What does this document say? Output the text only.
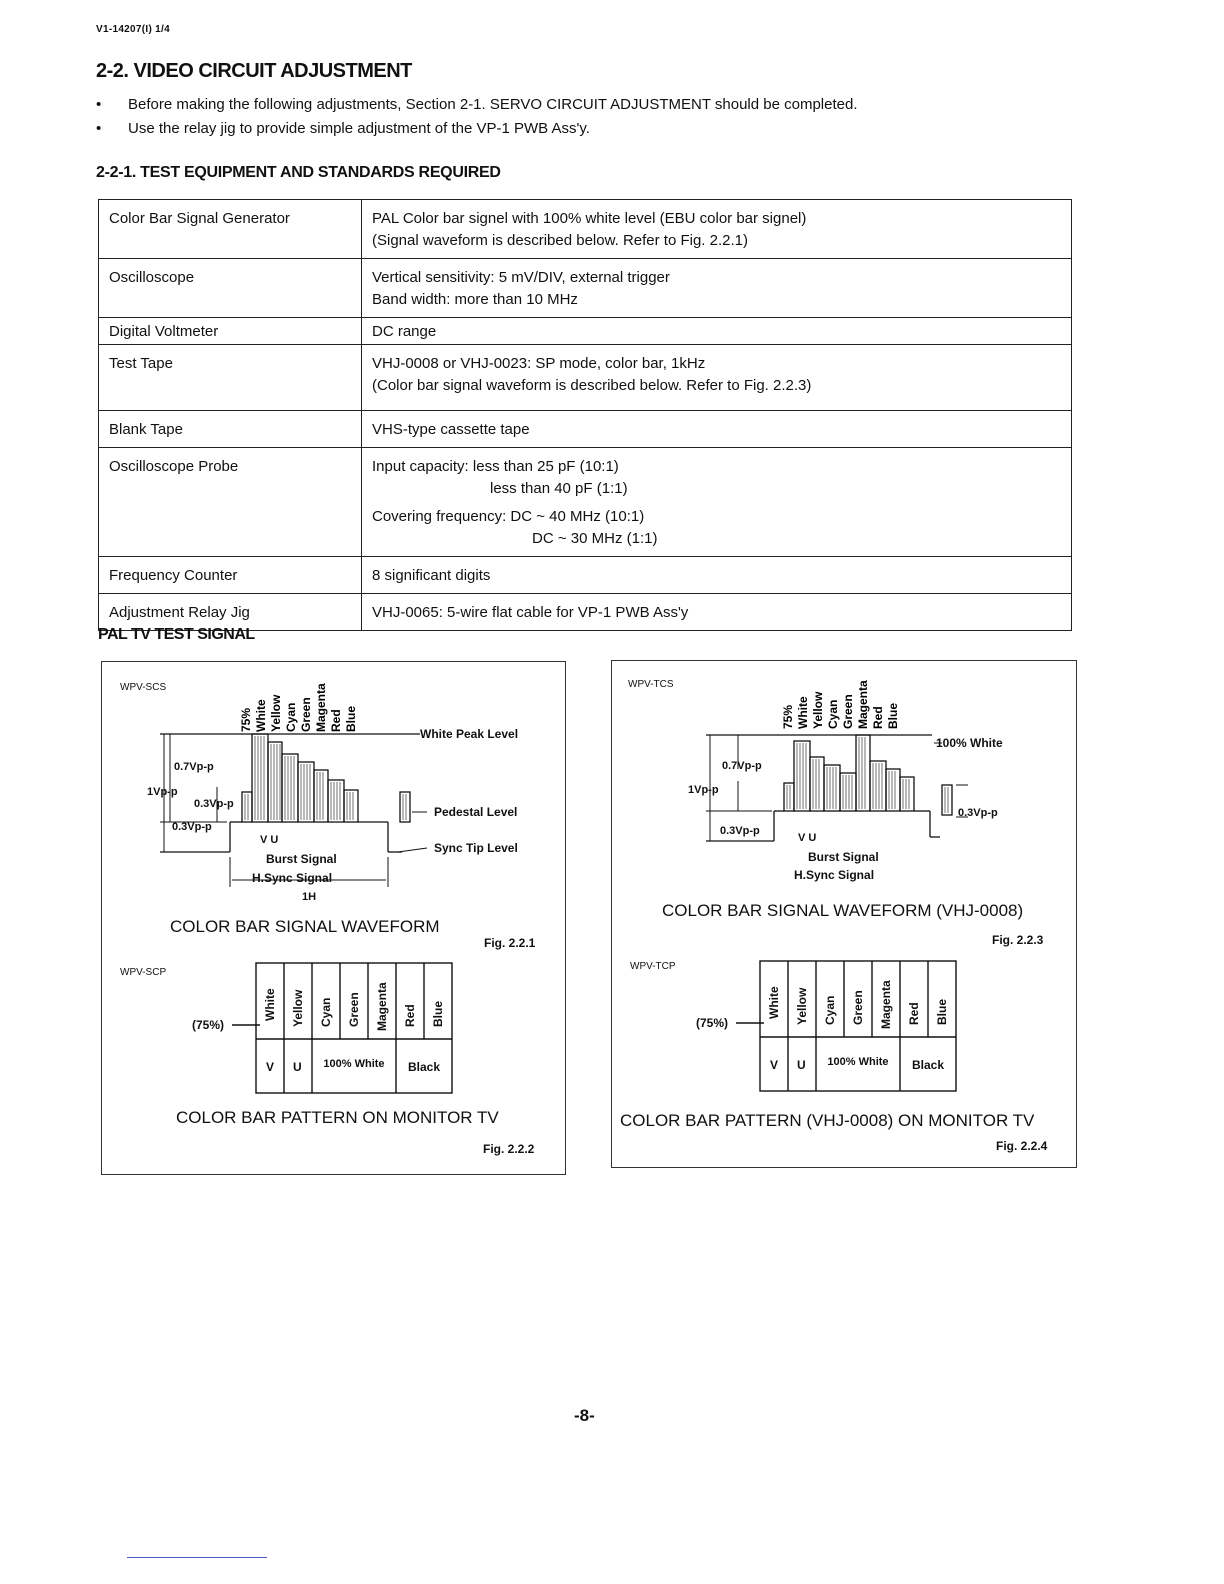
V1-14207(I) 1/4
2-2. VIDEO CIRCUIT ADJUSTMENT
• Before making the following adjustments, Section 2-1. SERVO CIRCUIT ADJUSTMENT should be completed.
• Use the relay jig to provide simple adjustment of the VP-1 PWB Ass'y.
2-2-1. TEST EQUIPMENT AND STANDARDS REQUIRED
Color Bar Signal Generator	PAL Color bar signel with 100% white level (EBU color bar signel)
(Signal waveform is described below. Refer to Fig. 2.2.1)

Oscilloscope	Vertical sensitivity: 5 mV/DIV, external trigger
Band width: more than 10 MHz

Digital Voltmeter	DC range

Test Tape	VHJ-0008 or VHJ-0023: SP mode, color bar, 1kHz
(Color bar signal waveform is described below. Refer to Fig. 2.2.3)

Blank Tape	VHS-type cassette tape

Oscilloscope Probe	Input capacity: less than 25 pF (10:1)
less than 40 pF (1:1)
Covering frequency: DC ~ 40 MHz (10:1)
DC ~ 30 MHz (1:1)

Frequency Counter	8 significant digits

Adjustment Relay Jig	VHJ-0065: 5-wire flat cable for VP-1 PWB Ass'y
PAL TV TEST SIGNAL
WPV-SCS
75% White Yellow Cyan Green Magenta Red Blue
White Peak Level
Pedestal Level
Sync Tip Level
0.7Vp-p
1Vp-p
0.3Vp-p
0.3Vp-p
V U
Burst Signal
H.Sync Signal
1H
COLOR BAR SIGNAL WAVEFORM
Fig. 2.2.1
WPV-SCP
White Yellow Cyan Green Magenta Red Blue
(75%)
V U 100% White Black
COLOR BAR PATTERN ON MONITOR TV
Fig. 2.2.2
WPV-TCS
75% White Yellow Cyan Green Magenta Red Blue
100% White
0.7Vp-p
1Vp-p
0.3Vp-p
0.3Vp-p
V U
Burst Signal
H.Sync Signal
COLOR BAR SIGNAL WAVEFORM (VHJ-0008)
Fig. 2.2.3
WPV-TCP
White Yellow Cyan Green Magenta Red Blue
(75%)
V U 100% White Black
COLOR BAR PATTERN (VHJ-0008) ON MONITOR TV
Fig. 2.2.4
-8-
